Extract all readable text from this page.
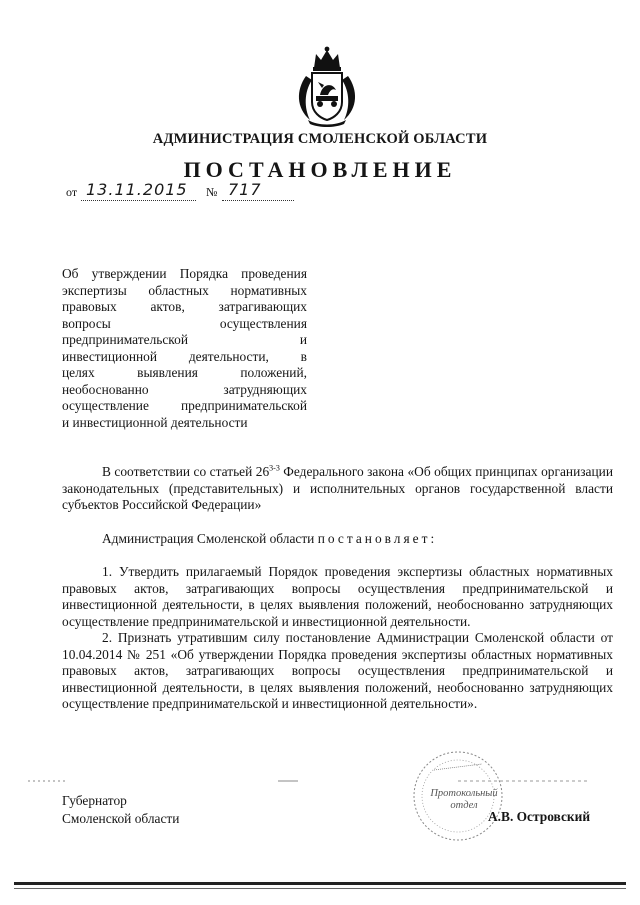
АДМИНИСТРАЦИЯ СМОЛЕНСКОЙ ОБЛАСТИ
ПОСТАНОВЛЕНИЕ
от 13.11.2015 № 717
Об утверждении Порядка проведения
экспертизы областных нормативных
правовых актов, затрагивающих
вопросы осуществления
предпринимательской и
инвестиционной деятельности, в
целях выявления положений,
необоснованно затрудняющих
осуществление предпринимательской
и инвестиционной деятельности

В соответствии со статьей 26$^{3-3}$ Федерального закона «Об общих принципах организации законодательных (представительных) и исполнительных органов государственной власти субъектов Российской Федерации»

Администрация Смоленской области постановляет:

1. Утвердить прилагаемый Порядок проведения экспертизы областных нормативных правовых актов, затрагивающих вопросы осуществления предпринимательской и инвестиционной деятельности, в целях выявления положений, необоснованно затрудняющих осуществление предпринимательской и инвестиционной деятельности.

2. Признать утратившим силу постановление Администрации Смоленской области от 10.04.2014 № 251 «Об утверждении Порядка проведения экспертизы областных нормативных правовых актов, затрагивающих вопросы осуществления предпринимательской и инвестиционной деятельности, в целях выявления положений, необоснованно затрудняющих осуществление предпринимательской и инвестиционной деятельности».

Протокольный
отдел
Губернатор
Смоленской области	А.В. Островский
